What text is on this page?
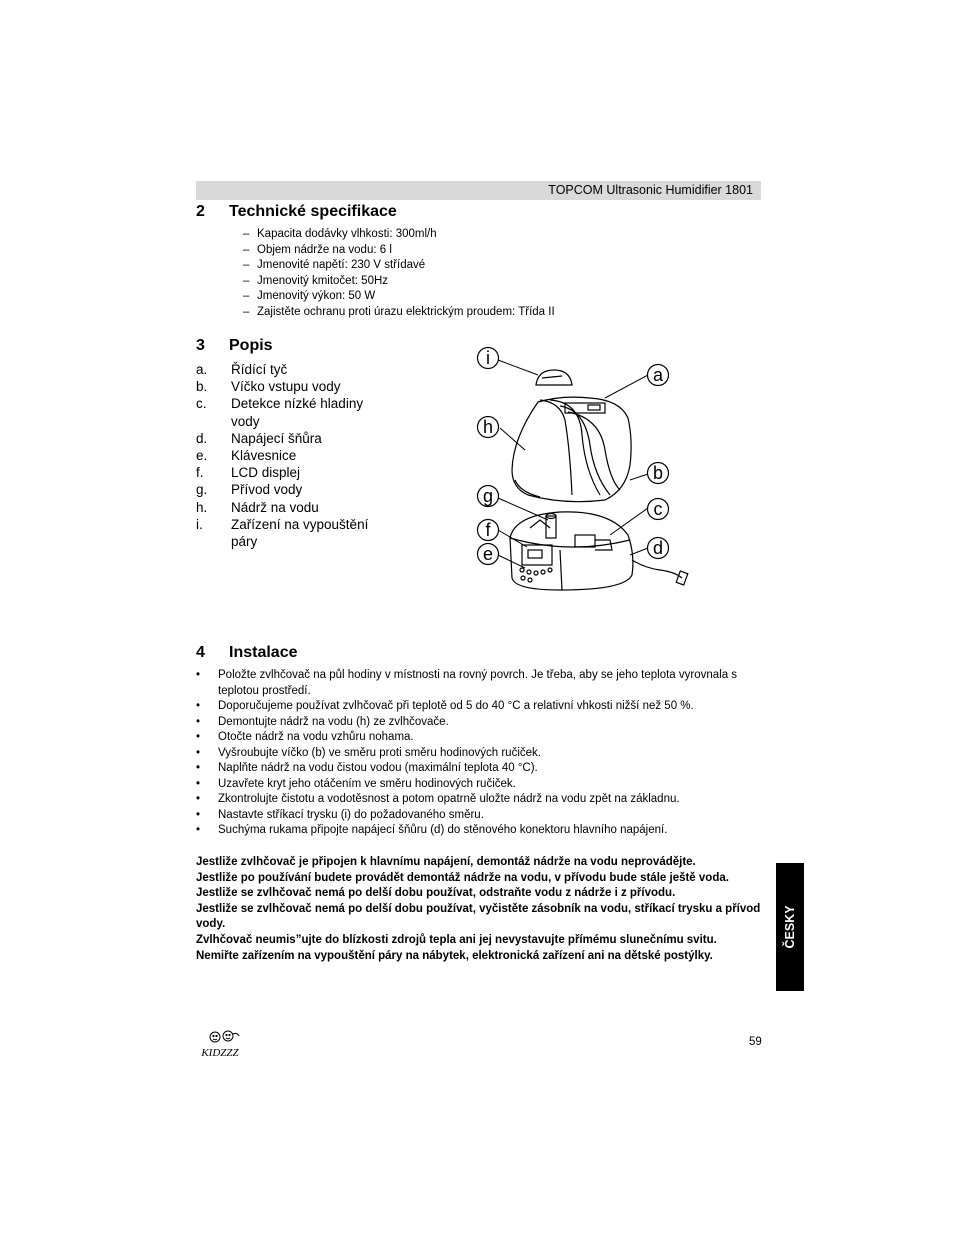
TOPCOM Ultrasonic Humidifier 1801
2 Technické specifikace
– Kapacita dodávky vlhkosti: 300ml/h
– Objem nádrže na vodu: 6 l
– Jmenovité napětí: 230 V střídavé
– Jmenovitý kmitočet: 50Hz
– Jmenovitý výkon: 50 W
– Zajistěte ochranu proti úrazu elektrickým proudem: Třída II
3 Popis
a.	Řídící tyč
b.	Víčko vstupu vody
c.	Detekce nízké hladiny vody
d.	Napájecí šňůra
e.	Klávesnice
f.	LCD displej
g.	Přívod vody
h.	Nádrž na vodu
i.	Zařízení na vypouštění páry
i
a
h
b
g
c
f
e	d
4 Instalace
•	Položte zvlhčovač na půl hodiny v místnosti na rovný povrch. Je třeba, aby se jeho teplota vyrovnala s teplotou prostředí.
•	Doporučujeme používat zvlhčovač při teplotě od 5 do 40 °C a relativní vhkosti nižší než 50 %.
•	Demontujte nádrž na vodu (h) ze zvlhčovače.
•	Otočte nádrž na vodu vzhůru nohama.
•	Vyšroubujte víčko (b) ve směru proti směru hodinových ručiček.
•	Naplňte nádrž na vodu čistou vodou (maximální teplota 40 °C).
•	Uzavřete kryt jeho otáčením ve směru hodinových ručiček.
•	Zkontrolujte čistotu a vodotěsnost a potom opatrně uložte nádrž na vodu zpět na základnu.
•	Nastavte stříkací trysku (i) do požadovaného směru.
•	Suchýma rukama připojte napájecí šňůru (d) do stěnového konektoru hlavního napájení.
Jestliže zvlhčovač je připojen k hlavnímu napájení, demontáž nádrže na vodu neprovádějte.
Jestliže po používání budete provádět demontáž nádrže na vodu, v přívodu bude stále ještě voda.
Jestliže se zvlhčovač nemá po delší dobu používat, odstraňte vodu z nádrže i z přívodu.
Jestliže se zvlhčovač nemá po delší dobu používat, vyčistěte zásobník na vodu, stříkací trysku a přívod vody.
Zvlhčovač neumis”ujte do blízkosti zdrojů tepla ani jej nevystavujte přímému slunečnímu svitu.
Nemiřte zařízením na vypouštění páry na nábytek, elektronická zařízení ani na dětské postýlky.
ČESKY
KIDZZZ
59
